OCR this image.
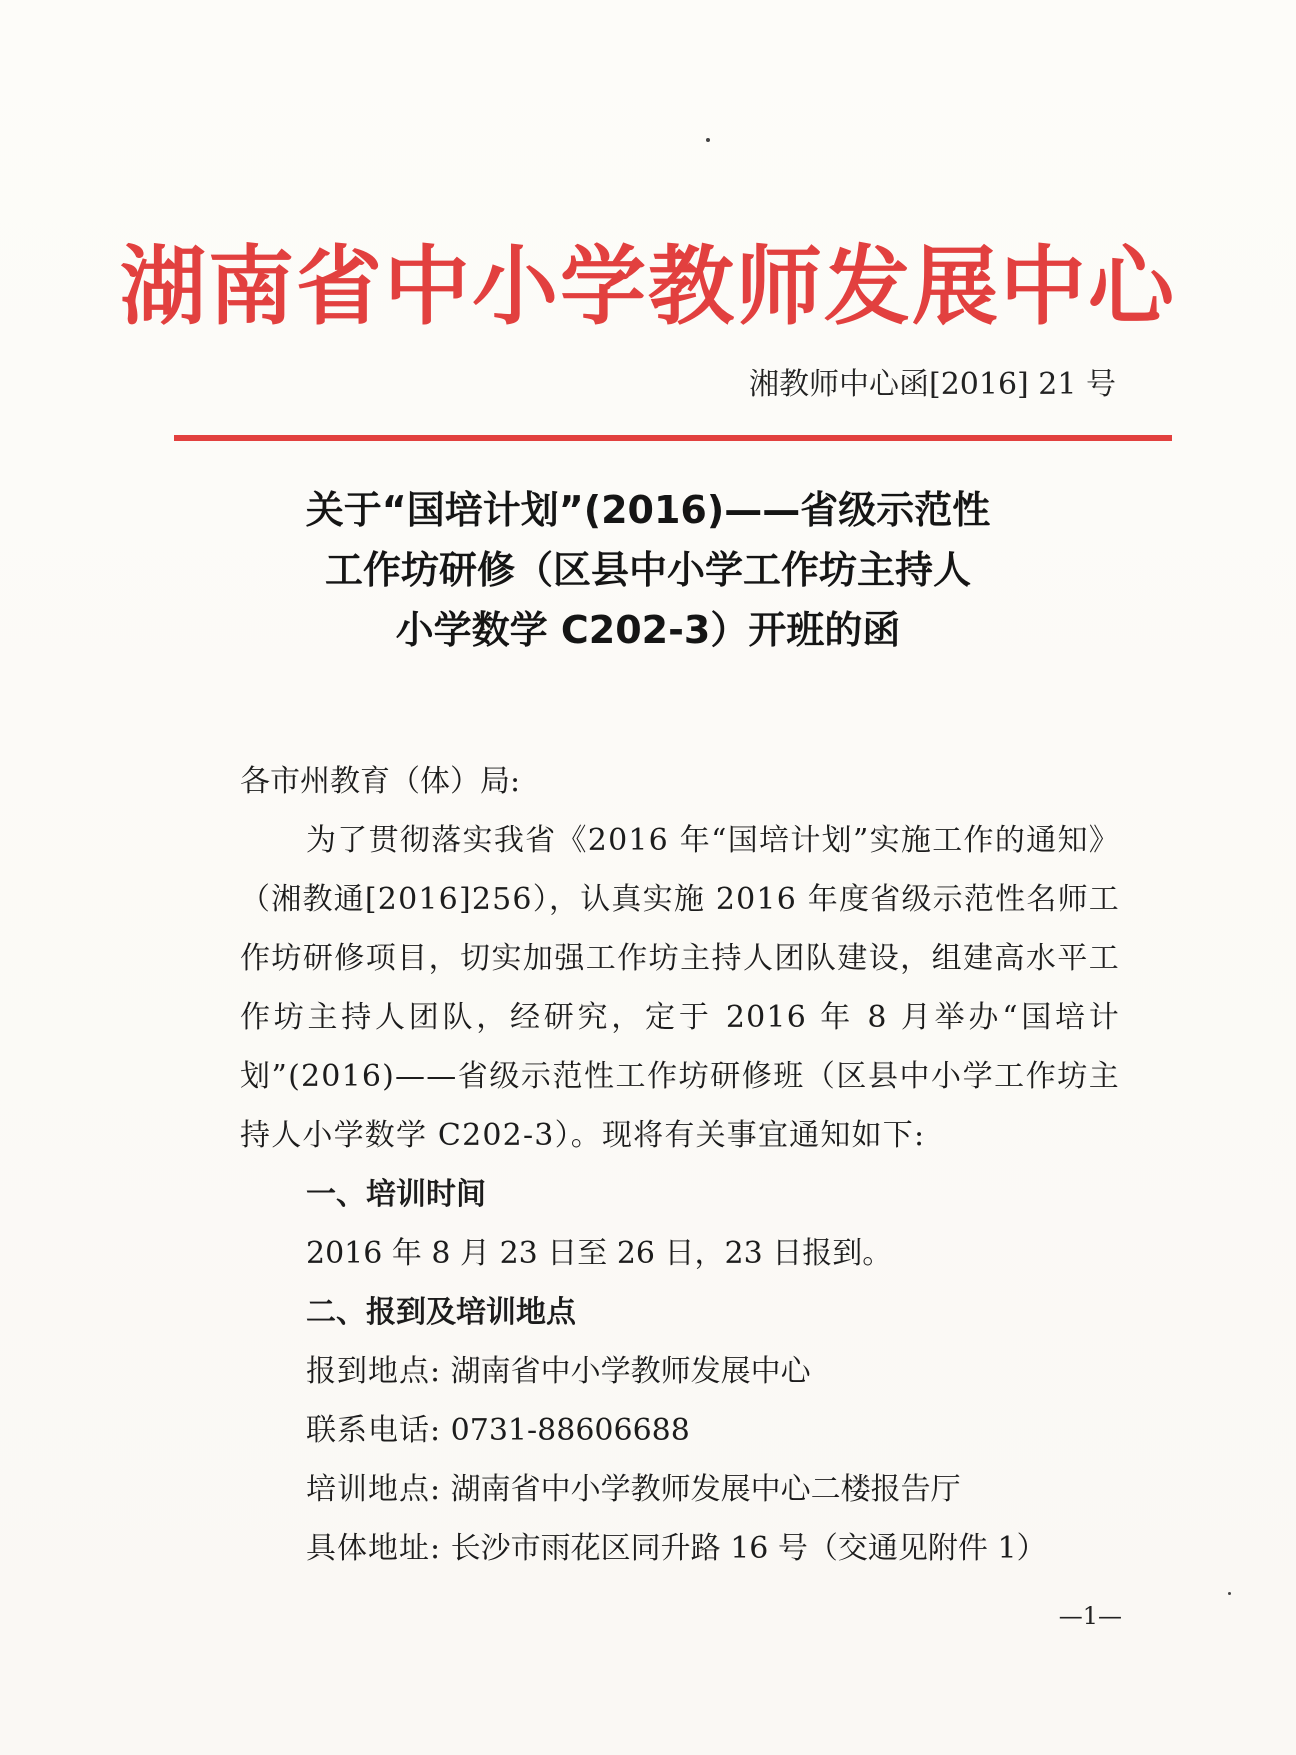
湖南省中小学教师发展中心
湘教师中心函[2016] 21 号
关于“国培计划”(2016)——省级示范性
工作坊研修（区县中小学工作坊主持人
小学数学 C202-3）开班的函

各市州教育（体）局:

为了贯彻落实我省《2016 年“国培计划”实施工作的通知》（湘教通[2016]256），认真实施 2016 年度省级示范性名师工作坊研修项目，切实加强工作坊主持人团队建设，组建高水平工作坊主持人团队，经研究，定于 2016 年 8 月举办“国培计划”(2016)——省级示范性工作坊研修班（区县中小学工作坊主持人小学数学 C202-3）。现将有关事宜通知如下:

一、培训时间

2016 年 8 月 23 日至 26 日，23 日报到。

二、报到及培训地点

报到地点: 湖南省中小学教师发展中心

联系电话: 0731-88606688

培训地点: 湖南省中小学教师发展中心二楼报告厅

具体地址: 长沙市雨花区同升路 16 号（交通见附件 1）

—1—
